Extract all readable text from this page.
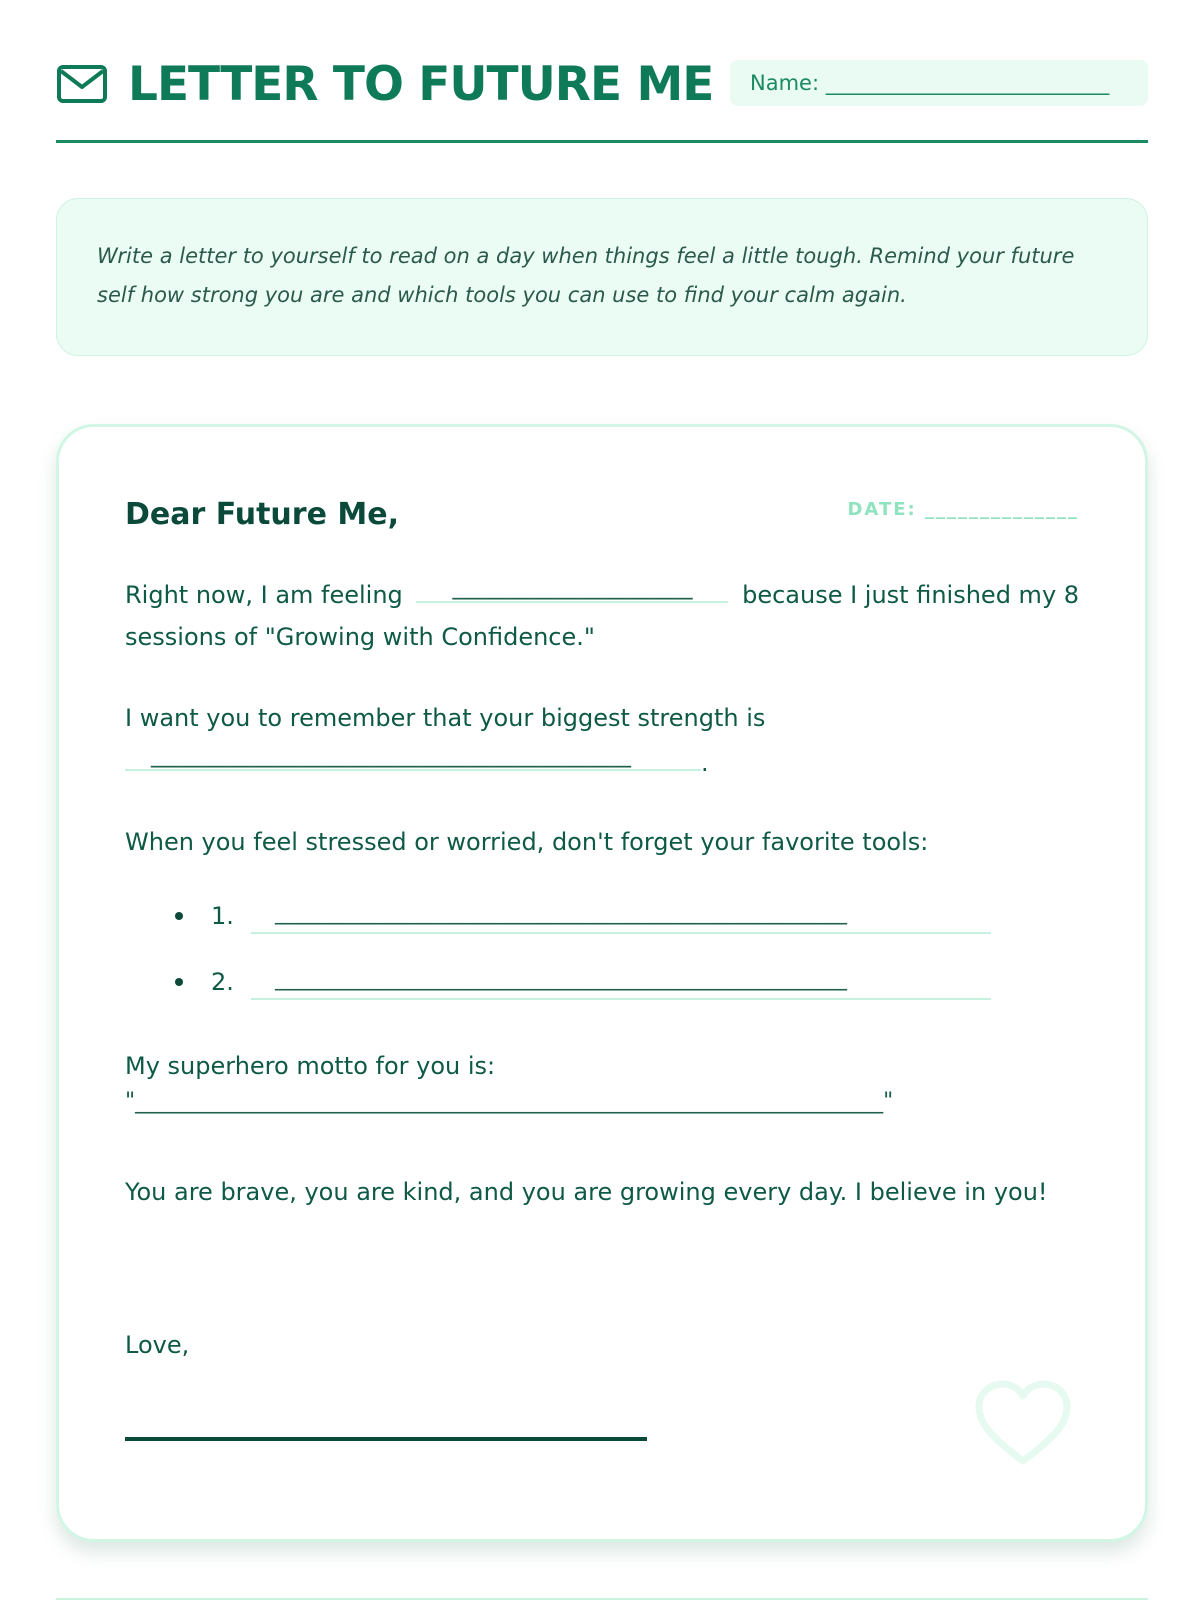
LETTER TO FUTURE ME	Name: ___________________________

Write a letter to yourself to read on a day when things feel a little tough. Remind your future self how strong you are and which tools you can use to find your calm again.

Dear Future Me,	DATE: ______________

Right now, I am feeling ____________________ because I just finished my 8 sessions of "Growing with Confidence."

I want you to remember that your biggest strength is
________________________________________	.

When you feel stressed or worried, don't forget your favorite tools:

1.	____________________________________________________
2.	____________________________________________________

My superhero motto for you is:

"____________________________________________________________________"

You are brave, you are kind, and you are growing every day. I believe in you!

Love,
